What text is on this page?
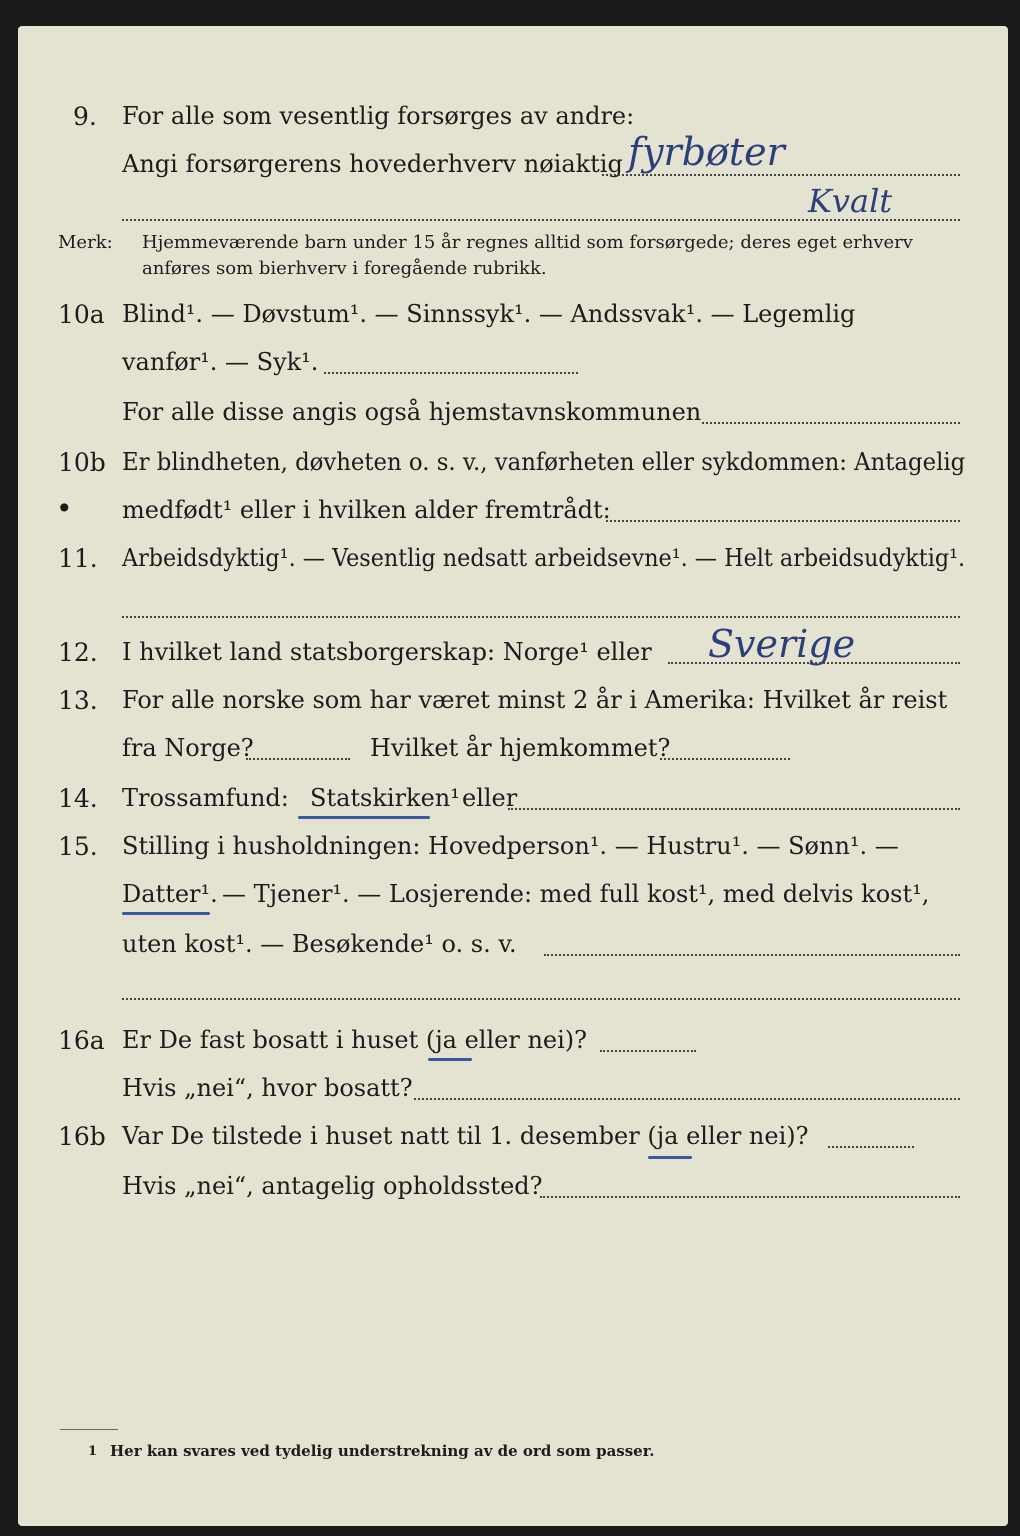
9. For alle som vesentlig forsørges av andre:
Angi forsørgerens hovederhverv nøiaktig fyrbøter
Kvalt
Merk: Hjemmeværende barn under 15 år regnes alltid som forsørgede; deres eget erhverv
anføres som bierhverv i foregående rubrikk.
10a Blind¹. — Døvstum¹. — Sinnssyk¹. — Andssvak¹. — Legemlig
vanfør¹. — Syk¹.
For alle disse angis også hjemstavnskommunen
10b Er blindheten, døvheten o. s. v., vanførheten eller sykdommen: Antagelig
• medfødt¹ eller i hvilken alder fremtrådt:
11. Arbeidsdyktig¹. — Vesentlig nedsatt arbeidsevne¹. — Helt arbeidsudyktig¹.
12. I hvilket land statsborgerskap: Norge¹ eller Sverige
13. For alle norske som har været minst 2 år i Amerika: Hvilket år reist
fra Norge?	Hvilket år hjemkommet?
14. Trossamfund: Statskirken¹ eller
15. Stilling i husholdningen: Hovedperson¹. — Hustru¹. — Sønn¹. —
Datter¹. — Tjener¹. — Losjerende: med full kost¹, med delvis kost¹,
uten kost¹. — Besøkende¹ o. s. v.
16a Er De fast bosatt i huset (ja eller nei)?
Hvis „nei“, hvor bosatt?
16b Var De tilstede i huset natt til 1. desember (ja eller nei)?
Hvis „nei“, antagelig opholdssted?
1 Her kan svares ved tydelig understrekning av de ord som passer.
